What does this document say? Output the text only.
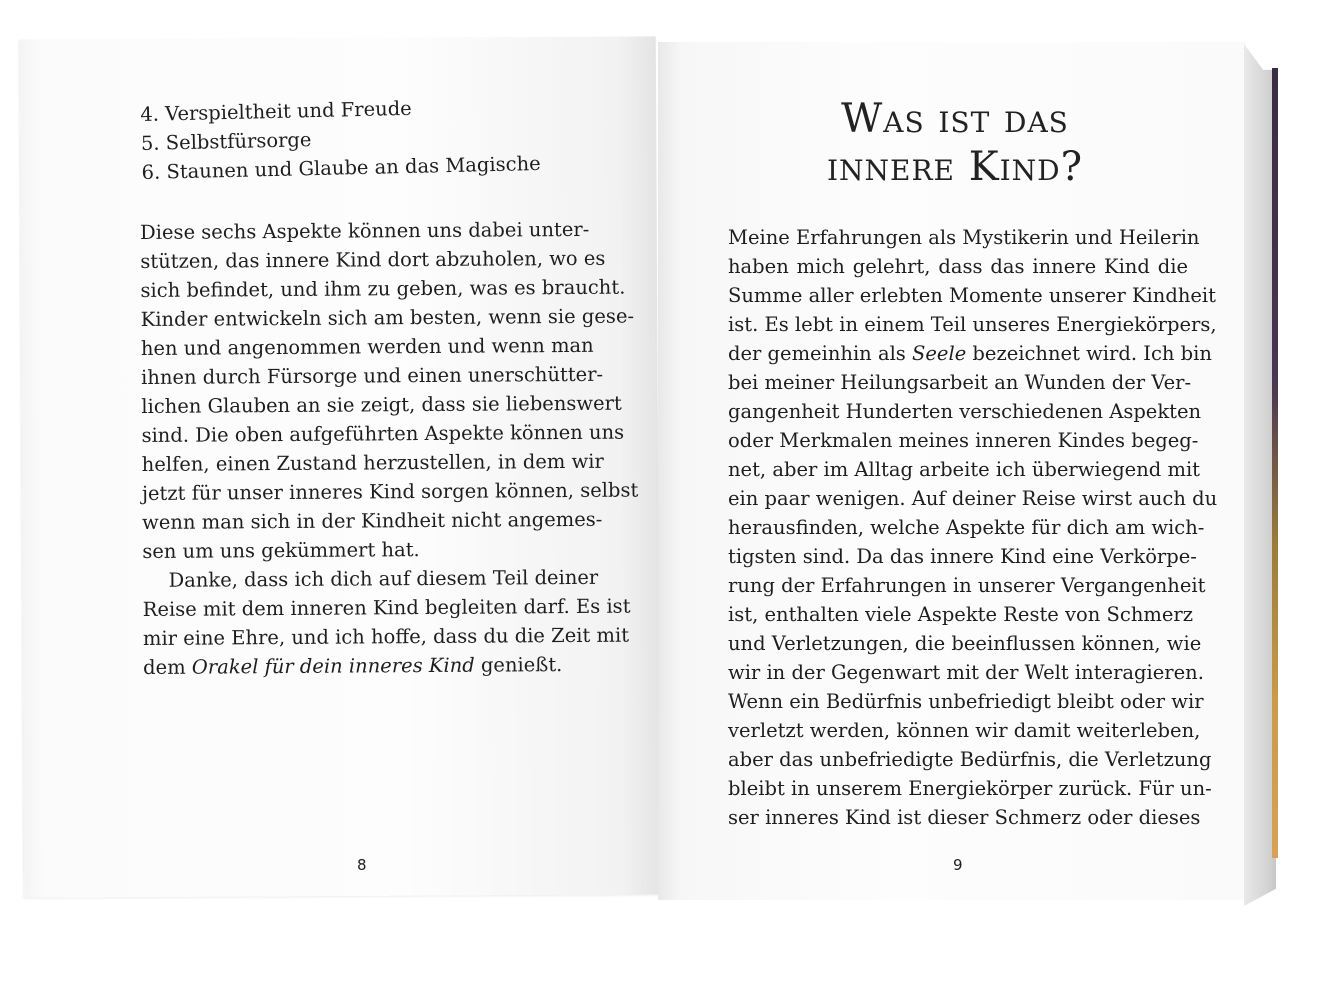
4. Verspieltheit und Freude
5. Selbstfürsorge
6. Staunen und Glaube an das Magische
Diese sechs Aspekte können uns dabei unter-
stützen, das innere Kind dort abzuholen, wo es
sich befindet, und ihm zu geben, was es braucht.
Kinder entwickeln sich am besten, wenn sie gese-
hen und angenommen werden und wenn man
ihnen durch Fürsorge und einen unerschütter-
lichen Glauben an sie zeigt, dass sie liebenswert
sind. Die oben aufgeführten Aspekte können uns
helfen, einen Zustand herzustellen, in dem wir
jetzt für unser inneres Kind sorgen können, selbst
wenn man sich in der Kindheit nicht angemes-
sen um uns gekümmert hat.
Danke, dass ich dich auf diesem Teil deiner
Reise mit dem inneren Kind begleiten darf. Es ist
mir eine Ehre, und ich hoffe, dass du die Zeit mit
dem Orakel für dein inneres Kind genießt.
8
Was ist das
innere Kind?
Meine Erfahrungen als Mystikerin und Heilerin
haben mich gelehrt, dass das innere Kind die
Summe aller erlebten Momente unserer Kindheit
ist. Es lebt in einem Teil unseres Energiekörpers,
der gemeinhin als Seele bezeichnet wird. Ich bin
bei meiner Heilungsarbeit an Wunden der Ver-
gangenheit Hunderten verschiedenen Aspekten
oder Merkmalen meines inneren Kindes begeg-
net, aber im Alltag arbeite ich überwiegend mit
ein paar wenigen. Auf deiner Reise wirst auch du
herausfinden, welche Aspekte für dich am wich-
tigsten sind. Da das innere Kind eine Verkörpe-
rung der Erfahrungen in unserer Vergangenheit
ist, enthalten viele Aspekte Reste von Schmerz
und Verletzungen, die beeinflussen können, wie
wir in der Gegenwart mit der Welt interagieren.
Wenn ein Bedürfnis unbefriedigt bleibt oder wir
verletzt werden, können wir damit weiterleben,
aber das unbefriedigte Bedürfnis, die Verletzung
bleibt in unserem Energiekörper zurück. Für un-
ser inneres Kind ist dieser Schmerz oder dieses
9
